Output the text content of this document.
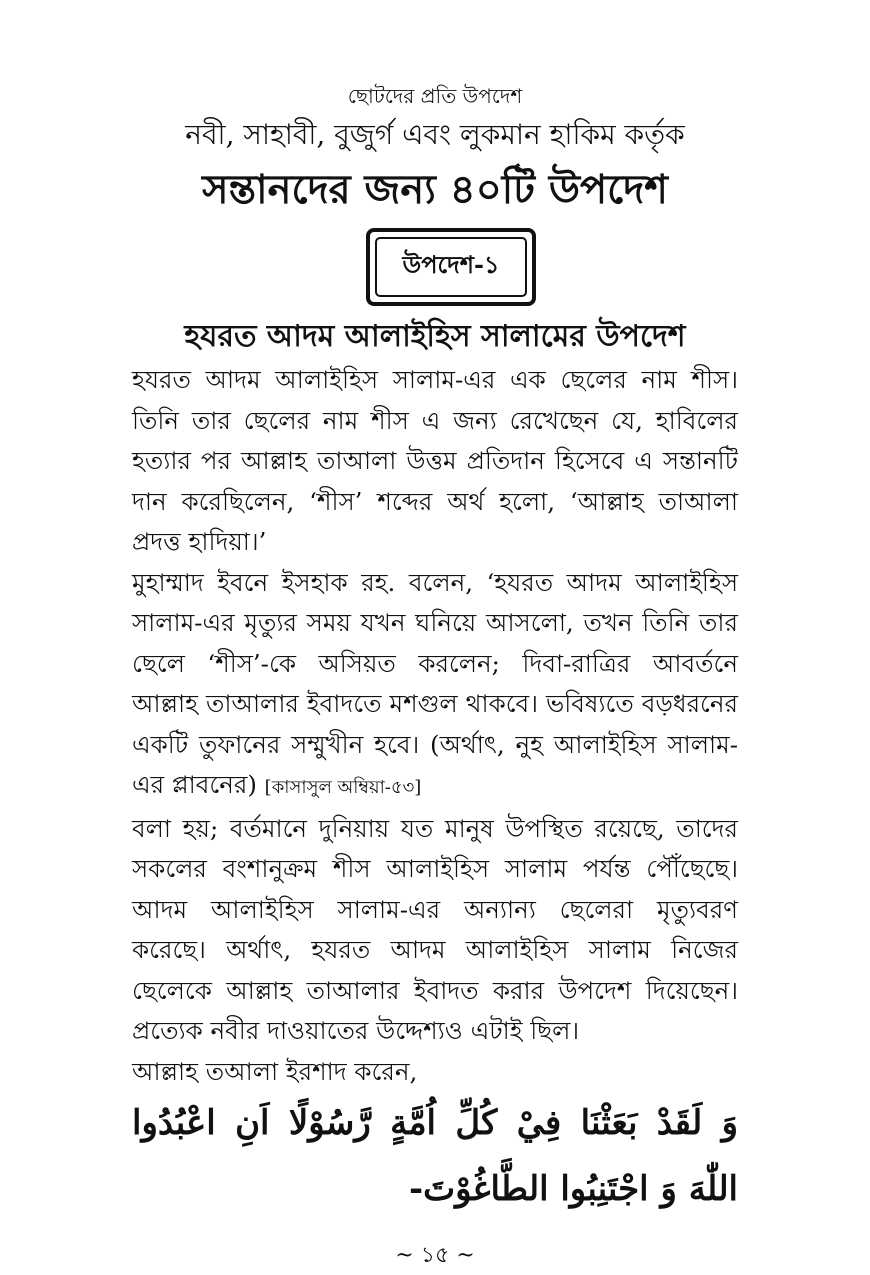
ছোটদের প্রতি উপদেশ
নবী, সাহাবী, বুজুর্গ এবং লুকমান হাকিম কর্তৃক
সন্তানদের জন্য ৪০টি উপদেশ
উপদেশ-১
হযরত আদম আলাইহিস সালামের উপদেশ

হযরত আদম আলাইহিস সালাম-এর এক ছেলের নাম শীস। তিনি তার ছেলের নাম শীস এ জন্য রেখেছেন যে, হাবিলের হত্যার পর আল্লাহ তাআলা উত্তম প্রতিদান হিসেবে এ সন্তানটি দান করেছিলেন, ‘শীস’ শব্দের অর্থ হলো, ‘আল্লাহ তাআলা প্রদত্ত হাদিয়া।’

মুহাম্মাদ ইবনে ইসহাক রহ. বলেন, ‘হযরত আদম আলাইহিস সালাম-এর মৃত্যুর সময় যখন ঘনিয়ে আসলো, তখন তিনি তার ছেলে ‘শীস’-কে অসিয়ত করলেন; দিবা-রাত্রির আবর্তনে আল্লাহ তাআলার ইবাদতে মশগুল থাকবে। ভবিষ্যতে বড়ধরনের একটি তুফানের সম্মুখীন হবে। (অর্থাৎ, নুহ আলাইহিস সালাম-এর প্লাবনের) [কাসাসুল অম্বিয়া-৫৩]

বলা হয়; বর্তমানে দুনিয়ায় যত মানুষ উপস্থিত রয়েছে, তাদের সকলের বংশানুক্রম শীস আলাইহিস সালাম পর্যন্ত পৌঁছেছে। আদম আলাইহিস সালাম-এর অন্যান্য ছেলেরা মৃত্যুবরণ করেছে। অর্থাৎ, হযরত আদম আলাইহিস সালাম নিজের ছেলেকে আল্লাহ তাআলার ইবাদত করার উপদেশ দিয়েছেন। প্রত্যেক নবীর দাওয়াতের উদ্দেশ্যও এটাই ছিল।

আল্লাহ তআলা ইরশাদ করেন,

وَ لَقَدْ بَعَثْنَا فِيْ كُلِّ اُمَّةٍ رَّسُوْلًا اَنِ اعْبُدُوا اللّٰهَ وَ اجْتَنِبُوا الطَّاغُوْتَ-
~ ১৫ ~
